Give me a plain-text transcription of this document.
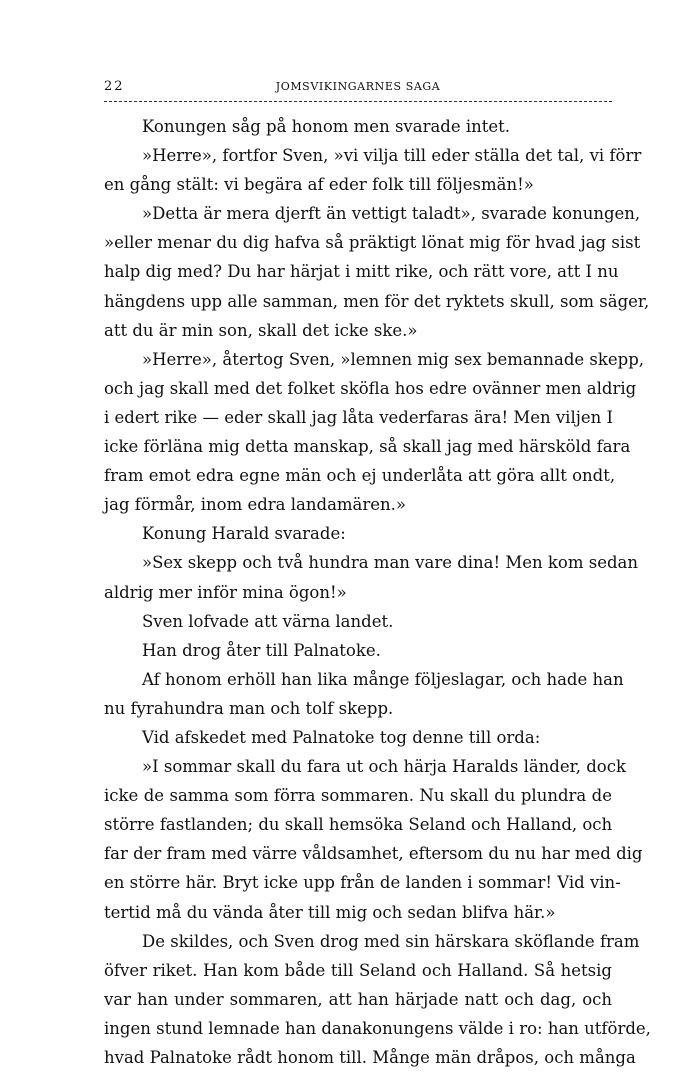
22	JOMSVIKINGARNES SAGA
Konungen såg på honom men svarade intet.
»Herre», fortfor Sven, »vi vilja till eder ställa det tal, vi förr
en gång stält: vi begära af eder folk till följesmän!»
»Detta är mera djerft än vettigt taladt», svarade konungen,
»eller menar du dig hafva så präktigt lönat mig för hvad jag sist
halp dig med? Du har härjat i mitt rike, och rätt vore, att I nu
hängdens upp alle samman, men för det ryktets skull, som säger,
att du är min son, skall det icke ske.»
»Herre», återtog Sven, »lemnen mig sex bemannade skepp,
och jag skall med det folket sköfla hos edre ovänner men aldrig
i edert rike — eder skall jag låta vederfaras ära! Men viljen I
icke förläna mig detta manskap, så skall jag med härsköld fara
fram emot edra egne män och ej underlåta att göra allt ondt,
jag förmår, inom edra landamären.»
Konung Harald svarade:
»Sex skepp och två hundra man vare dina! Men kom sedan
aldrig mer inför mina ögon!»
Sven lofvade att värna landet.
Han drog åter till Palnatoke.
Af honom erhöll han lika månge följeslagar, och hade han
nu fyrahundra man och tolf skepp.
Vid afskedet med Palnatoke tog denne till orda:
»I sommar skall du fara ut och härja Haralds länder, dock
icke de samma som förra sommaren. Nu skall du plundra de
större fastlanden; du skall hemsöka Seland och Halland, och
far der fram med värre våldsamhet, eftersom du nu har med dig
en större här. Bryt icke upp från de landen i sommar! Vid vin-
tertid må du vända åter till mig och sedan blifva här.»
De skildes, och Sven drog med sin härskara sköflande fram
öfver riket. Han kom både till Seland och Halland. Så hetsig
var han under sommaren, att han härjade natt och dag, och
ingen stund lemnade han danakonungens välde i ro: han utförde,
hvad Palnatoke rådt honom till. Månge män dråpos, och många
